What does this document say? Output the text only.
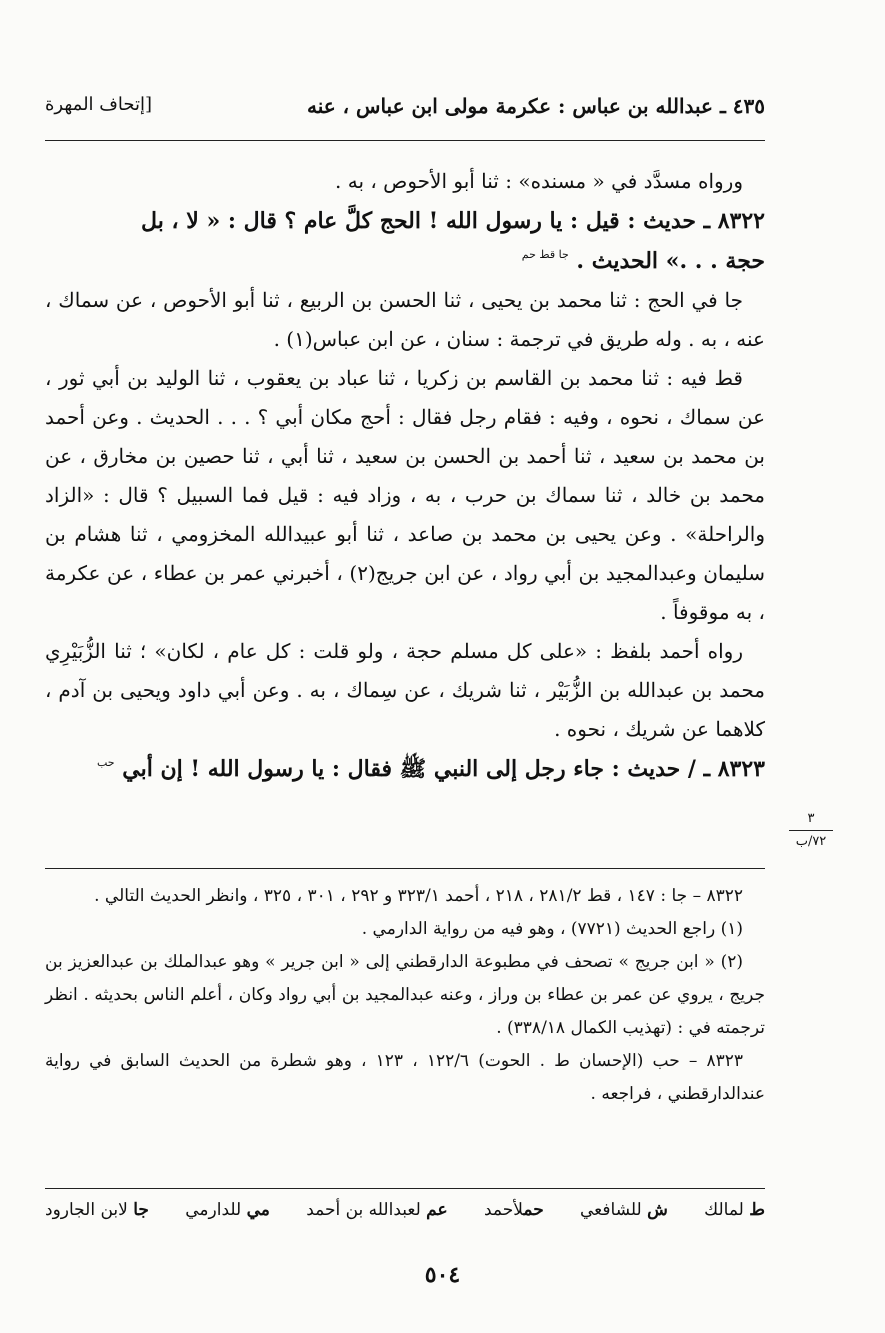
٤٣٥ ـ عبدالله بن عباس : عكرمة مولى ابن عباس ، عنه
[إتحاف المهرة

ورواه مسدَّد في « مسنده» : ثنا أبو الأحوص ، به .

٨٣٢٢ ـ حديث : قيل : يا رسول الله ! الحج كلَّ عام ؟ قال : « لا ، بل

حجة . . .» الحديث . $^{جا قط حم}$

جا في الحج : ثنا محمد بن يحيى ، ثنا الحسن بن الربيع ، ثنا أبو الأحوص ، عن سماك ، عنه ، به . وله طريق في ترجمة : سنان ، عن ابن عباس(١) .

قط فيه : ثنا محمد بن القاسم بن زكريا ، ثنا عباد بن يعقوب ، ثنا الوليد بن أبي ثور ، عن سماك ، نحوه ، وفيه : فقام رجل فقال : أحج مكان أبي ؟ . . . الحديث . وعن أحمد بن محمد بن سعيد ، ثنا أحمد بن الحسن بن سعيد ، ثنا أبي ، ثنا حصين بن مخارق ، عن محمد بن خالد ، ثنا سماك بن حرب ، به ، وزاد فيه : قيل فما السبيل ؟ قال : «الزاد والراحلة» . وعن يحيى بن محمد بن صاعد ، ثنا أبو عبيدالله المخزومي ، ثنا هشام بن سليمان وعبدالمجيد بن أبي رواد ، عن ابن جريج(٢) ، أخبرني عمر بن عطاء ، عن عكرمة ، به موقوفاً .

رواه أحمد بلفظ : «على كل مسلم حجة ، ولو قلت : كل عام ، لكان» ؛ ثنا الزُّبَيْرِي محمد بن عبدالله بن الزُّبَيْر ، ثنا شريك ، عن سِماك ، به . وعن أبي داود ويحيى بن آدم ، كلاهما عن شريك ، نحوه .

٨٣٢٣ ـ / حديث : جاء رجل إلى النبي ﷺ فقال : يا رسول الله ! إن أبي $^{حب}$

٣
٧٢/ب

٨٣٢٢ – جا : ١٤٧ ، قط ٢٨١/٢ ، ٢١٨ ، أحمد ٣٢٣/١ و ٢٩٢ ، ٣٠١ ، ٣٢٥ ، وانظر الحديث التالي .

(١) راجع الحديث (٧٧٢١) ، وهو فيه من رواية الدارمي .

(٢) « ابن جريج » تصحف في مطبوعة الدارقطني إلى « ابن جرير » وهو عبدالملك بن عبدالعزيز بن جريج ، يروي عن عمر بن عطاء بن وراز ، وعنه عبدالمجيد بن أبي رواد وكان ، أعلم الناس بحديثه . انظر ترجمته في : (تهذيب الكمال ٣٣٨/١٨) .

٨٣٢٣ – حب (الإحسان ط . الحوت) ١٢٢/٦ ، ١٢٣ ، وهو شطرة من الحديث السابق في رواية عندالدارقطني ، فراجعه .

ط لمالك
ش للشافعي
حملأحمد
عم لعبدالله بن أحمد
مي للدارمي
جا لابن الجارود
٥٠٤
